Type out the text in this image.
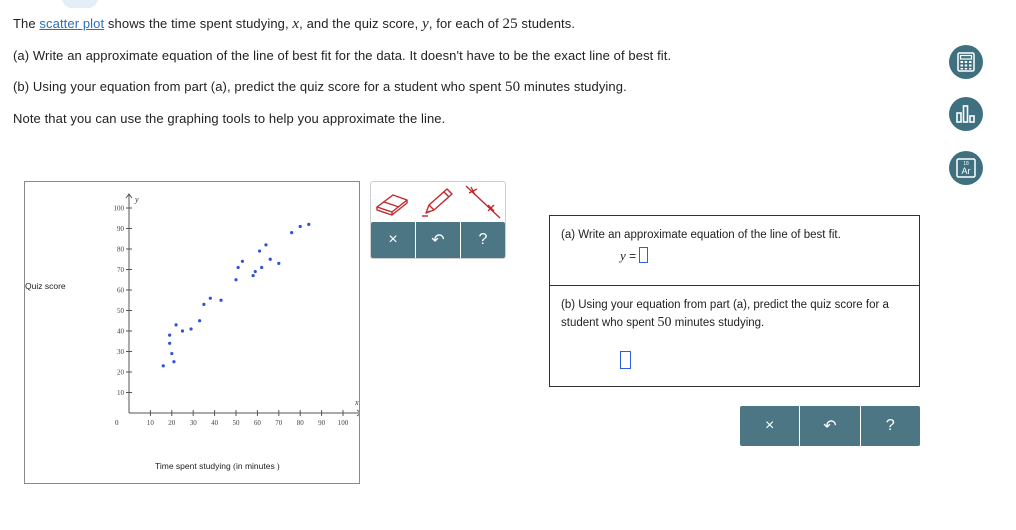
The scatter plot shows the time spent studying, x, and the quiz score, y, for each of 25 students.
(a) Write an approximate equation of the line of best fit for the data. It doesn't have to be the exact line of best fit.
(b) Using your equation from part (a), predict the quiz score for a student who spent 50 minutes studying.
Note that you can use the graphing tools to help you approximate the line.
18
Ar
10
20
30
40
50
60
70
80
90
100
10 20 30 40 50 60 70 80 90 100
Quiz score
0
y
x
Time spent studying (in minutes )
×	↶	?	(a) Write an approximate equation of the line of best fit.
y =
(b) Using your equation from part (a), predict the quiz score for a
student who spent 50 minutes studying.
×	↶	?
